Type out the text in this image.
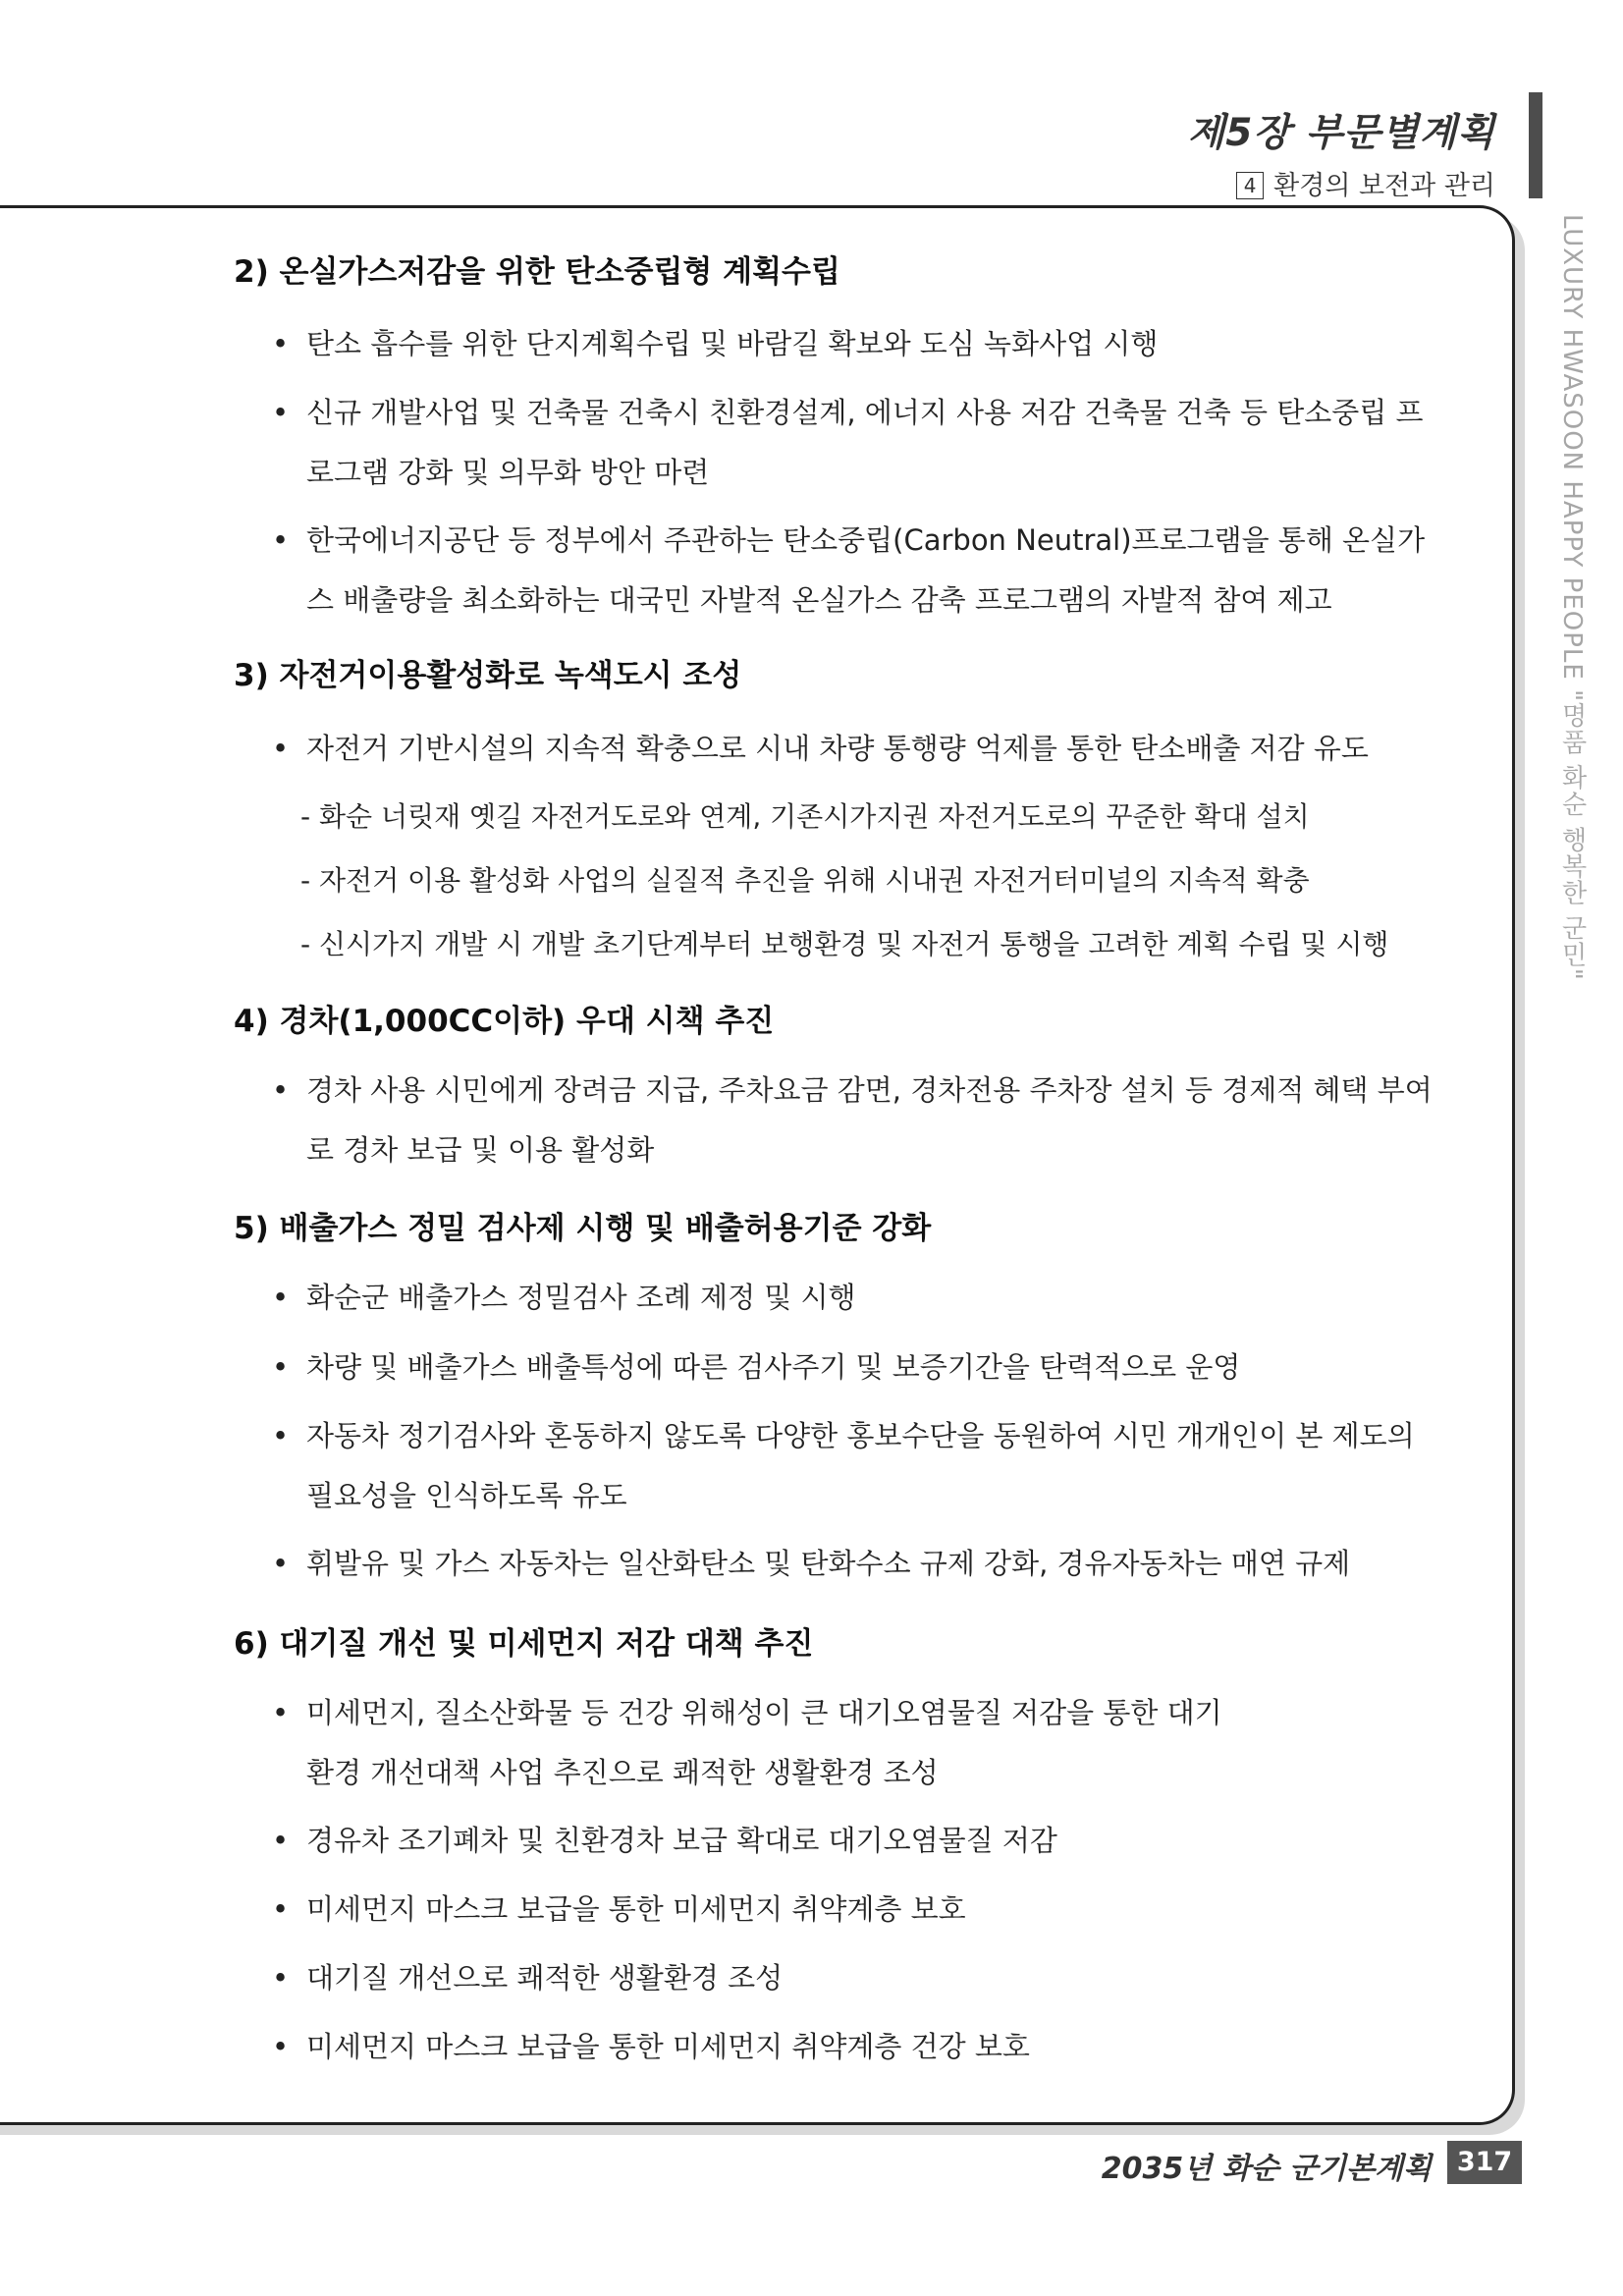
제5장 부문별계획
4 환경의 보전과 관리
LUXURY HWASOON HAPPY PEOPLE "명품 화순 행복한 군민"
2) 온실가스저감을 위한 탄소중립형 계획수립
• 탄소 흡수를 위한 단지계획수립 및 바람길 확보와 도심 녹화사업 시행
• 신규 개발사업 및 건축물 건축시 친환경설계, 에너지 사용 저감 건축물 건축 등 탄소중립 프로그램 강화 및 의무화 방안 마련
• 한국에너지공단 등 정부에서 주관하는 탄소중립(Carbon Neutral)프로그램을 통해 온실가스 배출량을 최소화하는 대국민 자발적 온실가스 감축 프로그램의 자발적 참여 제고
3) 자전거이용활성화로 녹색도시 조성
• 자전거 기반시설의 지속적 확충으로 시내 차량 통행량 억제를 통한 탄소배출 저감 유도
- 화순 너릿재 옛길 자전거도로와 연계, 기존시가지권 자전거도로의 꾸준한 확대 설치
- 자전거 이용 활성화 사업의 실질적 추진을 위해 시내권 자전거터미널의 지속적 확충
- 신시가지 개발 시 개발 초기단계부터 보행환경 및 자전거 통행을 고려한 계획 수립 및 시행
4) 경차(1,000CC이하) 우대 시책 추진
• 경차 사용 시민에게 장려금 지급, 주차요금 감면, 경차전용 주차장 설치 등 경제적 혜택 부여로 경차 보급 및 이용 활성화
5) 배출가스 정밀 검사제 시행 및 배출허용기준 강화
• 화순군 배출가스 정밀검사 조례 제정 및 시행
• 차량 및 배출가스 배출특성에 따른 검사주기 및 보증기간을 탄력적으로 운영
• 자동차 정기검사와 혼동하지 않도록 다양한 홍보수단을 동원하여 시민 개개인이 본 제도의 필요성을 인식하도록 유도
• 휘발유 및 가스 자동차는 일산화탄소 및 탄화수소 규제 강화, 경유자동차는 매연 규제
6) 대기질 개선 및 미세먼지 저감 대책 추진
• 미세먼지, 질소산화물 등 건강 위해성이 큰 대기오염물질 저감을 통한 대기환경 개선대책 사업 추진으로 쾌적한 생활환경 조성
• 경유차 조기폐차 및 친환경차 보급 확대로 대기오염물질 저감
• 미세먼지 마스크 보급을 통한 미세먼지 취약계층 보호
• 대기질 개선으로 쾌적한 생활환경 조성
• 미세먼지 마스크 보급을 통한 미세먼지 취약계층 건강 보호
2035년 화순 군기본계획 317
